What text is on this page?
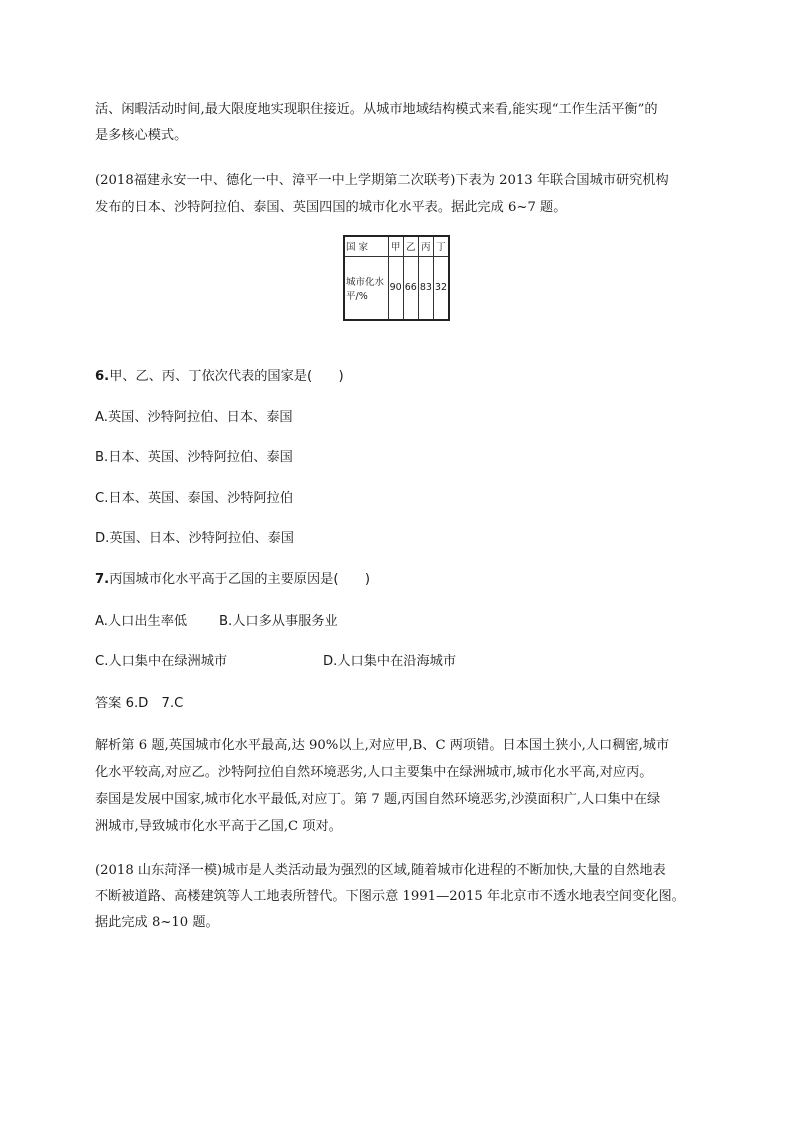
活、闲暇活动时间,最大限度地实现职住接近。从城市地域结构模式来看,能实现“工作生活平衡”的
是多核心模式。
(2018福建永安一中、德化一中、漳平一中上学期第二次联考)下表为 2013 年联合国城市研究机构
发布的日本、沙特阿拉伯、泰国、英国四国的城市化水平表。据此完成 6~7 题。
国 家	甲	乙	丙	丁

城市化水
平/%	90	66	83	32
6.甲、乙、丙、丁依次代表的国家是(　　)
A.英国、沙特阿拉伯、日本、泰国
B.日本、英国、沙特阿拉伯、泰国
C.日本、英国、泰国、沙特阿拉伯
D.英国、日本、沙特阿拉伯、泰国
7.丙国城市化水平高于乙国的主要原因是(　　)
A.人口出生率低 B.人口多从事服务业
C.人口集中在绿洲城市	D.人口集中在沿海城市
答案 6.D　7.C
解析第 6 题,英国城市化水平最高,达 90%以上,对应甲,B、C 两项错。日本国土狭小,人口稠密,城市
化水平较高,对应乙。沙特阿拉伯自然环境恶劣,人口主要集中在绿洲城市,城市化水平高,对应丙。
泰国是发展中国家,城市化水平最低,对应丁。第 7 题,丙国自然环境恶劣,沙漠面积广,人口集中在绿
洲城市,导致城市化水平高于乙国,C 项对。
(2018 山东菏泽一模)城市是人类活动最为强烈的区域,随着城市化进程的不断加快,大量的自然地表
不断被道路、高楼建筑等人工地表所替代。下图示意 1991—2015 年北京市不透水地表空间变化图。
据此完成 8~10 题。
